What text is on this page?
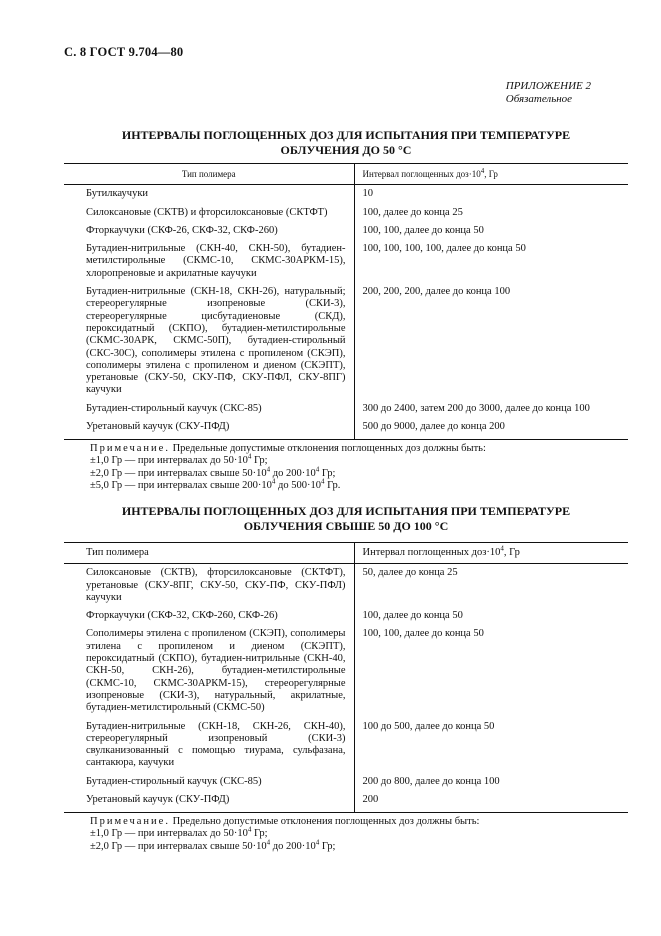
С. 8 ГОСТ 9.704—80
ПРИЛОЖЕНИЕ 2
Обязательное
ИНТЕРВАЛЫ ПОГЛОЩЕННЫХ ДОЗ ДЛЯ ИСПЫТАНИЯ ПРИ ТЕМПЕРАТУРЕ
ОБЛУЧЕНИЯ ДО 50 °С
Тип полимера	Интервал поглощенных $доз\cdot 10^4$, Гр
Бутилкаучуки	10
Силоксановые (СКТВ) и фторсилоксановые (СКТФТ)	100, далее до конца 25
Фторкаучуки (СКФ-26, СКФ-32, СКФ-260)	100, 100, далее до конца 50
Бутадиен-нитрильные (СКН-40, СКН-50), бутадиен-метилстирольные (СКМС-10, СКМС-30АРКМ-15), хлоропреновые и акрилатные каучуки	100, 100, 100, 100, далее до конца 50
Бутадиен-нитрильные (СКН-18, СКН-26), натуральный; стереорегулярные изопреновые (СКИ-3), стереорегулярные цисбутадиеновые (СКД), пероксидатный (СКПО), бутадиен-метилстирольные (СКМС-30АРК, СКМС-50П), бутадиен-стирольный (СКС-30С), сополимеры этилена с пропиленом (СКЭП), сополимеры этилена с пропиленом и диеном (СКЭПТ), уретановые (СКУ-50, СКУ-ПФ, СКУ-ПФЛ, СКУ-8ПГ) каучуки	200, 200, 200, далее до конца 100
Бутадиен-стирольный каучук (СКС-85)	300 до 2400, затем 200 до 3000, далее до конца 100
Уретановый каучук (СКУ-ПФД)	500 до 9000, далее до конца 200
Примечание. Предельные допустимые отклонения поглощенных доз должны быть:
±1,0 Гр — при интервалах до $50\cdot 10^4$ Гр;
±2,0 Гр — при интервалах свыше $50\cdot 10^4$ до $200\cdot 10^4$ Гр;
±5,0 Гр — при интервалах свыше $200\cdot 10^4$ до $500\cdot 10^4$ Гр.
ИНТЕРВАЛЫ ПОГЛОЩЕННЫХ ДОЗ ДЛЯ ИСПЫТАНИЯ ПРИ ТЕМПЕРАТУРЕ
ОБЛУЧЕНИЯ СВЫШЕ 50 ДО 100 °С
Тип полимера	Интервал поглощенных $доз\cdot 10^4$, Гр
Силоксановые (СКТВ), фторсилоксановые (СКТФТ), уретановые (СКУ-8ПГ, СКУ-50, СКУ-ПФ, СКУ-ПФЛ) каучуки	50, далее до конца 25
Фторкаучуки (СКФ-32, СКФ-260, СКФ-26)	100, далее до конца 50
Сополимеры этилена с пропиленом (СКЭП), сополимеры этилена с пропиленом и диеном (СКЭПТ), пероксидатный (СКПО), бутадиен-нитрильные (СКН-40, СКН-50, СКН-26), бутадиен-метилстирольные (СКМС-10, СКМС-30АРКМ-15), стереорегулярные изопреновые (СКИ-3), натуральный, акрилатные, бутадиен-метилстирольный (СКМС-50)	100, 100, далее до конца 50
Бутадиен-нитрильные (СКН-18, СКН-26, СКН-40), стереорегулярный изопреновый (СКИ-3) свулканизованный с помощью тиурама, сульфазана, сантакюра, каучуки	100 до 500, далее до конца 50
Бутадиен-стирольный каучук (СКС-85)	200 до 800, далее до конца 100
Уретановый каучук (СКУ-ПФД)	200
Примечание. Предельно допустимые отклонения поглощенных доз должны быть:
±1,0 Гр — при интервалах до $50\cdot 10^4$ Гр;
±2,0 Гр — при интервалах свыше $50\cdot 10^4$ до $200\cdot 10^4$ Гр;
